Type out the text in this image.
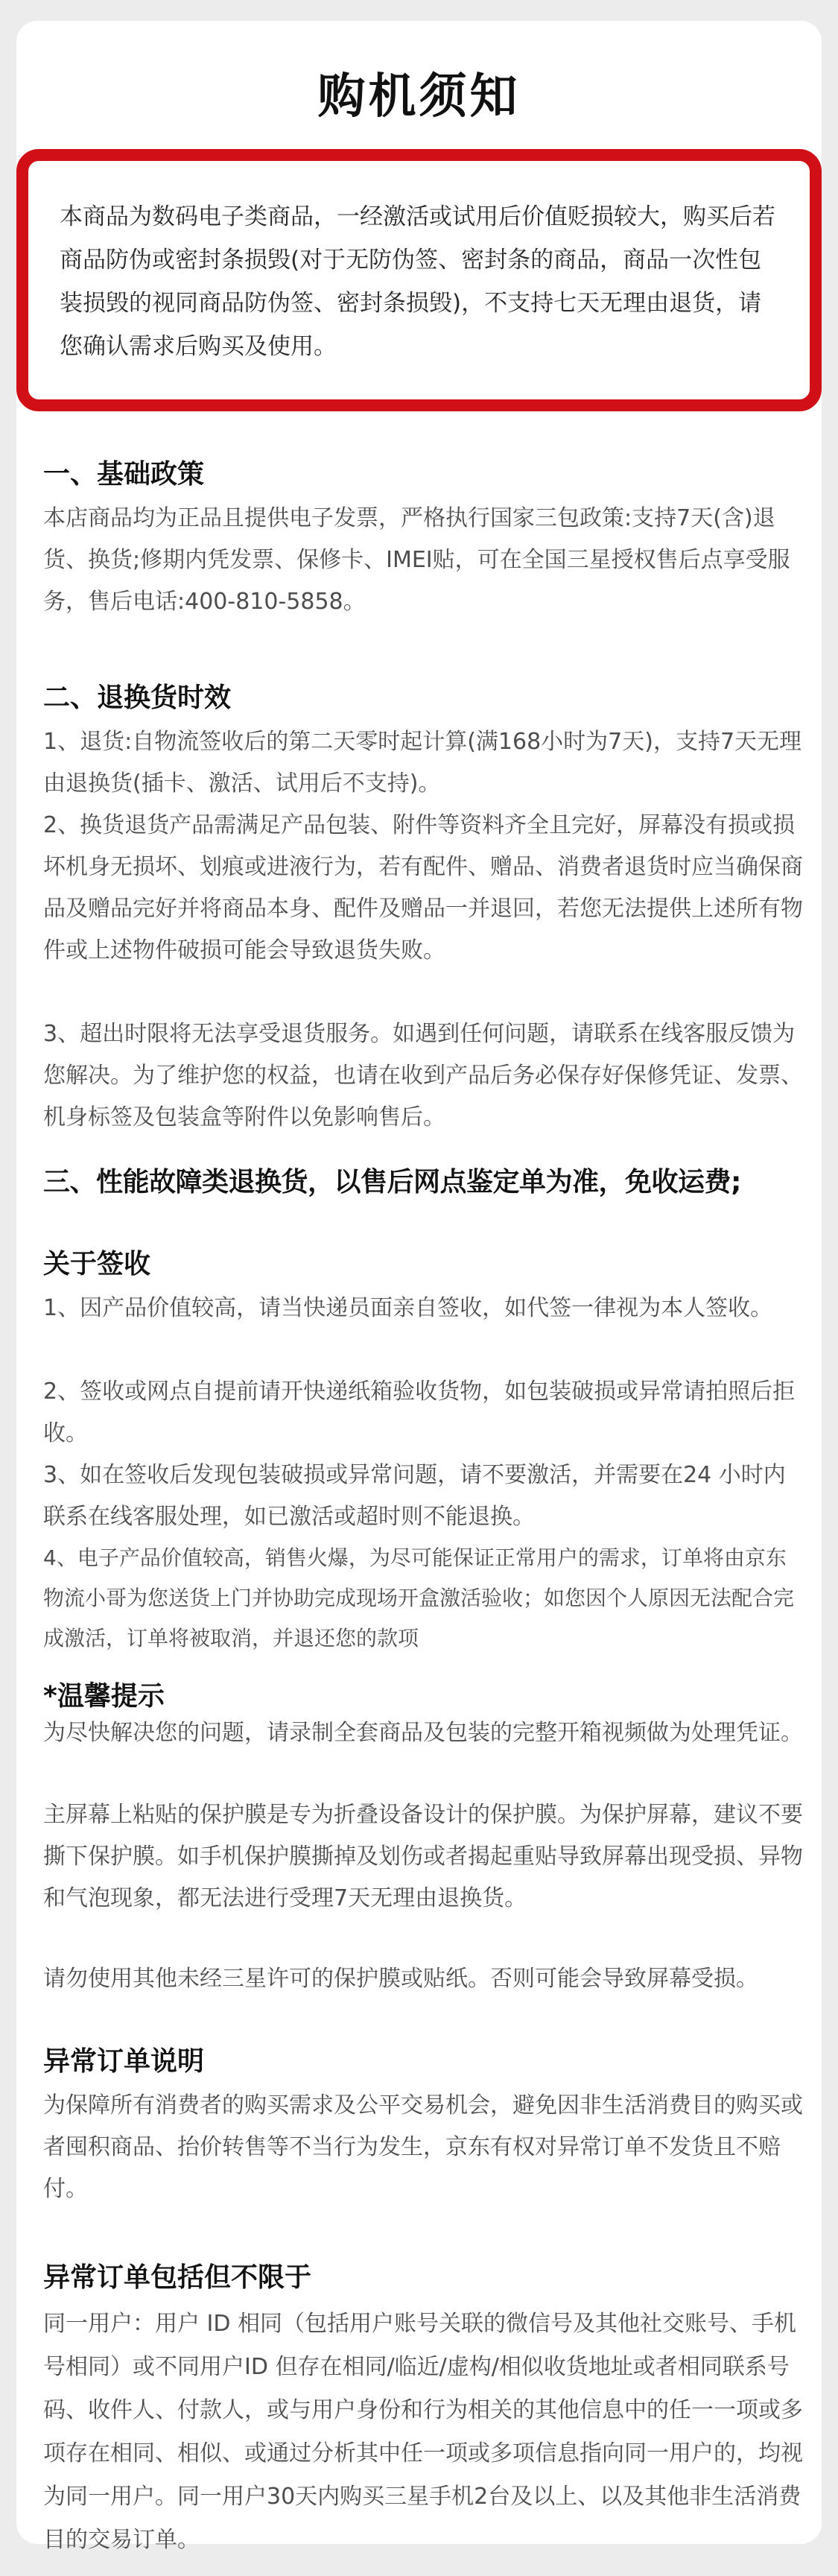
购机须知

本商品为数码电子类商品，一经激活或试用后价值贬损较大，购买后若商品防伪或密封条损毁(对于无防伪签、密封条的商品，商品一次性包装损毁的视同商品防伪签、密封条损毁)，不支持七天无理由退货，请您确认需求后购买及使用。

一、基础政策

本店商品均为正品且提供电子发票，严格执行国家三包政策:支持7天(含)退货、换货;修期内凭发票、保修卡、IMEI贴，可在全国三星授权售后点享受服务，售后电话:400-810-5858。

二、退换货时效

1、退货:自物流签收后的第二天零时起计算(满168小时为7天)，支持7天无理由退换货(插卡、激活、试用后不支持)。

2、换货退货产品需满足产品包装、附件等资料齐全且完好，屏幕没有损或损坏机身无损坏、划痕或进液行为，若有配件、赠品、消费者退货时应当确保商品及赠品完好并将商品本身、配件及赠品一并退回，若您无法提供上述所有物件或上述物件破损可能会导致退货失败。

3、超出时限将无法享受退货服务。如遇到任何问题，请联系在线客服反馈为您解决。为了维护您的权益，也请在收到产品后务必保存好保修凭证、发票、机身标签及包装盒等附件以免影响售后。

三、性能故障类退换货，以售后网点鉴定单为准，免收运费;
关于签收

1、因产品价值较高，请当快递员面亲自签收，如代签一律视为本人签收。

2、签收或网点自提前请开快递纸箱验收货物，如包装破损或异常请拍照后拒收。

3、如在签收后发现包装破损或异常问题，请不要激活，并需要在24 小时内联系在线客服处理，如已激活或超时则不能退换。

4、电子产品价值较高，销售火爆，为尽可能保证正常用户的需求，订单将由京东物流小哥为您送货上门并协助完成现场开盒激活验收；如您因个人原因无法配合完成激活，订单将被取消，并退还您的款项

*温馨提示

为尽快解决您的问题，请录制全套商品及包装的完整开箱视频做为处理凭证。

主屏幕上粘贴的保护膜是专为折叠设备设计的保护膜。为保护屏幕，建议不要撕下保护膜。如手机保护膜撕掉及划伤或者揭起重贴导致屏幕出现受损、异物和气泡现象，都无法进行受理7天无理由退换货。

请勿使用其他未经三星许可的保护膜或贴纸。否则可能会导致屏幕受损。

异常订单说明

为保障所有消费者的购买需求及公平交易机会，避免因非生活消费目的购买或者囤积商品、抬价转售等不当行为发生，京东有权对异常订单不发货且不赔付。

异常订单包括但不限于

同一用户：用户 ID 相同（包括用户账号关联的微信号及其他社交账号、手机号相同）或不同用户ID 但存在相同/临近/虚构/相似收货地址或者相同联系号码、收件人、付款人，或与用户身份和行为相关的其他信息中的任一一项或多项存在相同、相似、或通过分析其中任一项或多项信息指向同一用户的，均视为同一用户。同一用户30天内购买三星手机2台及以上、以及其他非生活消费目的交易订单。
